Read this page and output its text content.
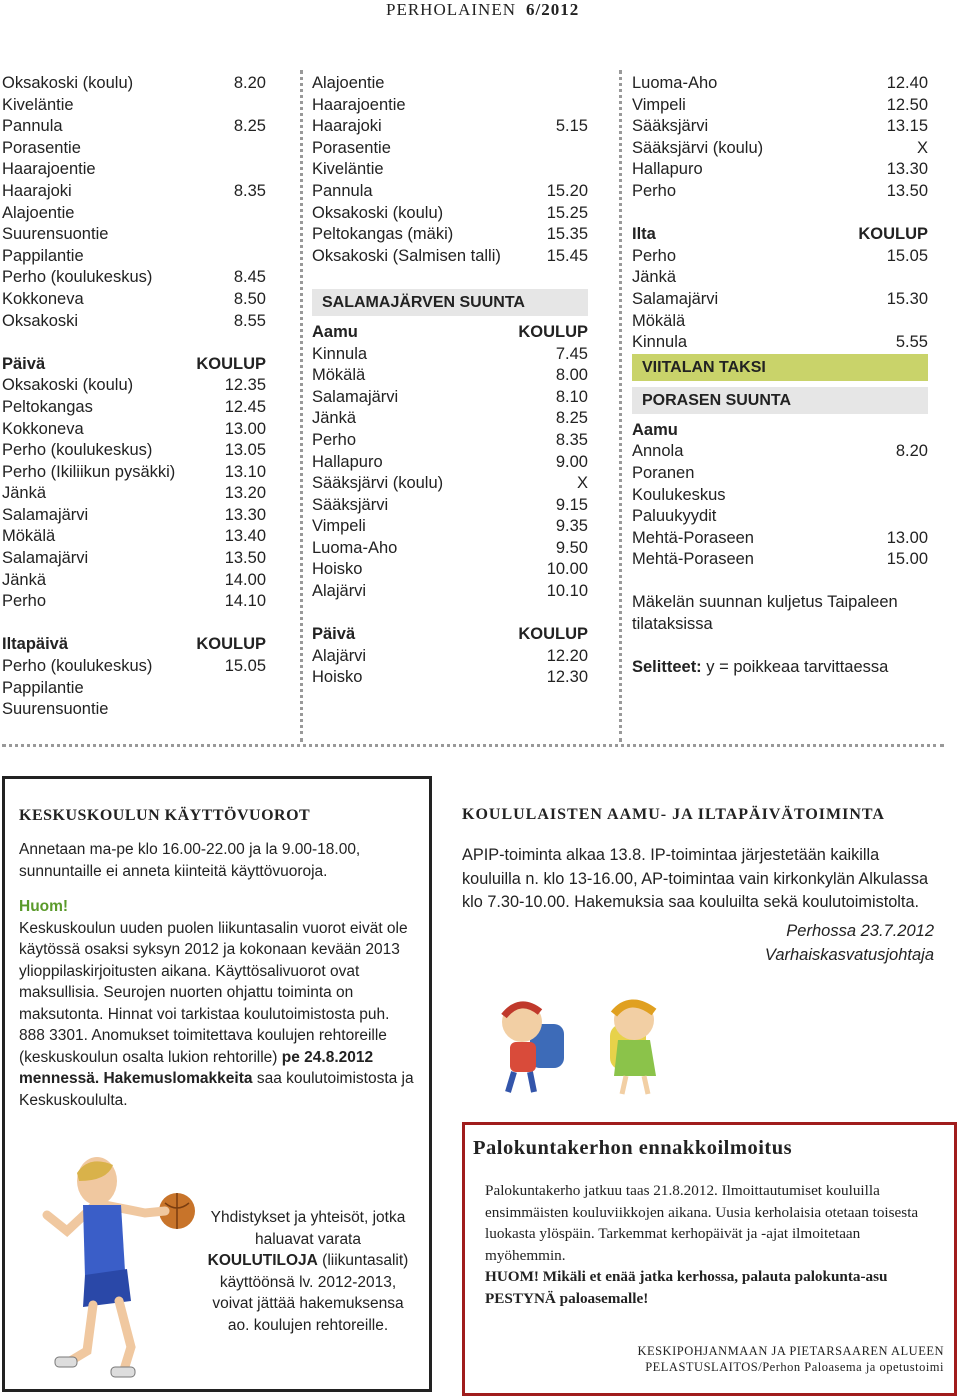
PERHOLAINEN 6/2012
Oksakoski (koulu)	8.20
Kiveläntie
Pannula	8.25
Porasentie
Haarajoentie
Haarajoki	8.35
Alajoentie
Suurensuontie
Pappilantie
Perho (koulukeskus)	8.45
Kokkoneva	8.50
Oksakoski	8.55
Päivä	KOULUP
Oksakoski (koulu)	12.35
Peltokangas	12.45
Kokkoneva	13.00
Perho (koulukeskus)	13.05
Perho (Ikiliikun pysäkki)	13.10
Jänkä	13.20
Salamajärvi	13.30
Mökälä	13.40
Salamajärvi	13.50
Jänkä	14.00
Perho	14.10
Iltapäivä	KOULUP
Perho (koulukeskus)	15.05
Pappilantie
Suurensuontie
Alajoentie
Haarajoentie
Haarajoki	5.15
Porasentie
Kiveläntie
Pannula	15.20
Oksakoski (koulu)	15.25
Peltokangas (mäki)	15.35
Oksakoski (Salmisen talli)	15.45
SALAMAJÄRVEN SUUNTA
Aamu	KOULUP
Kinnula	7.45
Mökälä	8.00
Salamajärvi	8.10
Jänkä	8.25
Perho	8.35
Hallapuro	9.00
Sääksjärvi (koulu)	X
Sääksjärvi	9.15
Vimpeli	9.35
Luoma-Aho	9.50
Hoisko	10.00
Alajärvi	10.10
Päivä	KOULUP
Alajärvi	12.20
Hoisko	12.30
Luoma-Aho	12.40
Vimpeli	12.50
Sääksjärvi	13.15
Sääksjärvi (koulu)	X
Hallapuro	13.30
Perho	13.50
Ilta	KOULUP
Perho	15.05
Jänkä
Salamajärvi	15.30
Mökälä
Kinnula	5.55
VIITALAN TAKSI
PORASEN SUUNTA
Aamu
Annola	8.20
Poranen
Koulukeskus
Paluukyydit
Mehtä-Poraseen	13.00
Mehtä-Poraseen	15.00
Mäkelän suunnan kuljetus Taipaleen tilataksissa
Selitteet: y = poikkeaa tarvittaessa
KESKUSKOULUN KÄYTTÖVUOROT
Annetaan ma-pe klo 16.00-22.00 ja la 9.00-18.00, sunnuntaille ei anneta kiinteitä käyttövuoroja.
Huom!
Keskuskoulun uuden puolen liikuntasalin vuorot eivät ole käytössä osaksi syksyn 2012 ja kokonaan kevään 2013 ylioppilaskirjoitusten aikana. Käyttösalivuorot ovat maksullisia. Seurojen nuorten ohjattu toiminta on maksutonta. Hinnat voi tarkistaa koulutoimistosta puh. 888 3301. Anomukset toimitettava koulujen rehtoreille (keskuskoulun osalta lukion rehtorille) pe 24.8.2012 mennessä. Hakemuslomakkeita saa koulutoimistosta ja Keskuskoululta.
Yhdistykset ja yhteisöt, jotka haluavat varata KOULUTILOJA (liikuntasalit) käyttöönsä lv. 2012-2013, voivat jättää hakemuksensa ao. koulujen rehtoreille.
KOULULAISTEN AAMU- JA ILTAPÄIVÄTOIMINTA
APIP-toiminta alkaa 13.8. IP-toimintaa järjestetään kaikilla kouluilla n. klo 13-16.00, AP-toimintaa vain kirkonkylän Alkulassa klo 7.30-10.00. Hakemuksia saa kouluilta sekä koulutoimistolta.
Perhossa 23.7.2012
Varhaiskasvatusjohtaja
Palokuntakerhon ennakkoilmoitus
Palokuntakerho jatkuu taas 21.8.2012. Ilmoittautumiset kouluilla ensimmäisten kouluviikkojen aikana. Uusia kerholaisia otetaan toisesta luokasta ylöspäin. Tarkemmat kerhopäivät ja -ajat ilmoitetaan myöhemmin.
HUOM! Mikäli et enää jatka kerhossa, palauta palokunta-asu PESTYNÄ paloasemalle!
KESKIPOHJANMAAN JA PIETARSAAREN ALUEEN
PELASTUSLAITOS/Perhon Paloasema ja opetustoimi
